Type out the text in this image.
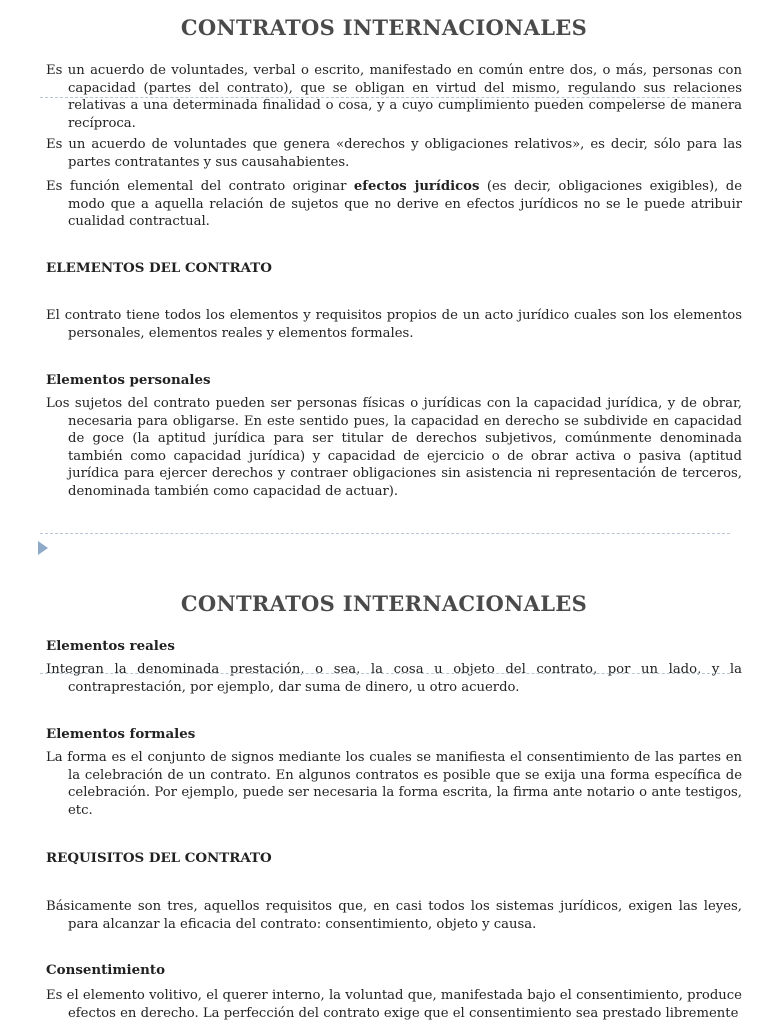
CONTRATOS INTERNACIONALES

Es un acuerdo de voluntades, verbal o escrito, manifestado en común entre dos, o más, personas con capacidad (partes del contrato), que se obligan en virtud del mismo, regulando sus relaciones relativas a una determinada finalidad o cosa, y a cuyo cumplimiento pueden compelerse de manera recíproca.

Es un acuerdo de voluntades que genera «derechos y obligaciones relativos», es decir, sólo para las partes contratantes y sus causahabientes.

Es función elemental del contrato originar efectos jurídicos (es decir, obligaciones exigibles), de modo que a aquella relación de sujetos que no derive en efectos jurídicos no se le puede atribuir cualidad contractual.

ELEMENTOS DEL CONTRATO

El contrato tiene todos los elementos y requisitos propios de un acto jurídico cuales son los elementos personales, elementos reales y elementos formales.

Elementos personales

Los sujetos del contrato pueden ser personas físicas o jurídicas con la capacidad jurídica, y de obrar, necesaria para obligarse. En este sentido pues, la capacidad en derecho se subdivide en capacidad de goce (la aptitud jurídica para ser titular de derechos subjetivos, comúnmente denominada también como capacidad jurídica) y capacidad de ejercicio o de obrar activa o pasiva (aptitud jurídica para ejercer derechos y contraer obligaciones sin asistencia ni representación de terceros, denominada también como capacidad de actuar).

CONTRATOS INTERNACIONALES
Elementos reales

Integran la denominada prestación, o sea, la cosa u objeto del contrato, por un lado, y la contraprestación, por ejemplo, dar suma de dinero, u otro acuerdo.

Elementos formales

La forma es el conjunto de signos mediante los cuales se manifiesta el consentimiento de las partes en la celebración de un contrato. En algunos contratos es posible que se exija una forma específica de celebración. Por ejemplo, puede ser necesaria la forma escrita, la firma ante notario o ante testigos, etc.

REQUISITOS DEL CONTRATO

Básicamente son tres, aquellos requisitos que, en casi todos los sistemas jurídicos, exigen las leyes, para alcanzar la eficacia del contrato: consentimiento, objeto y causa.

Consentimiento

Es el elemento volitivo, el querer interno, la voluntad que, manifestada bajo el consentimiento, produce efectos en derecho. La perfección del contrato exige que el consentimiento sea prestado libremente
